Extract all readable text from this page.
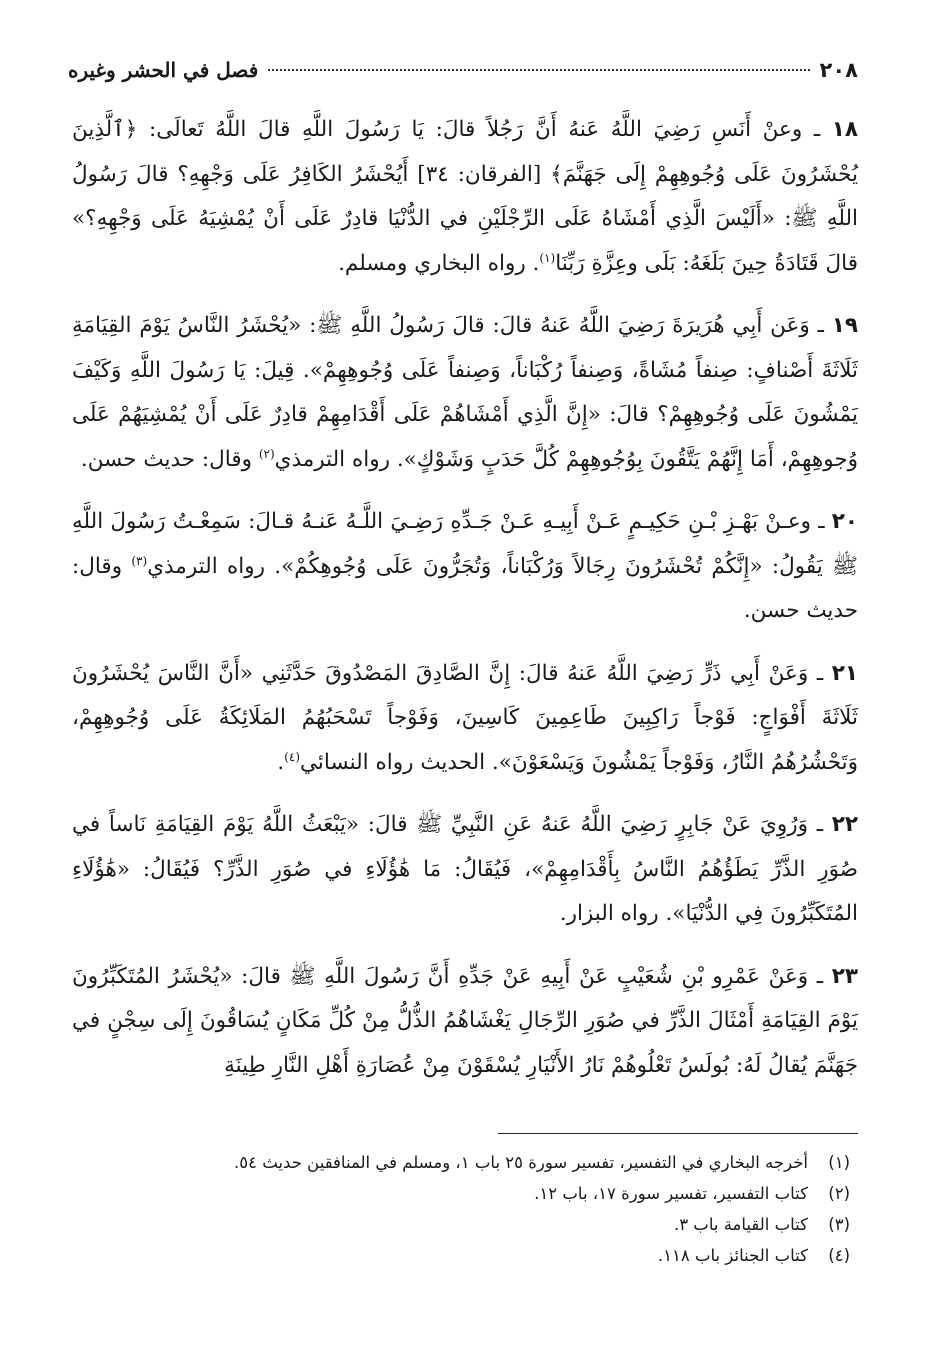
٢٠٨
فصل في الحشر وغيره

١٨ ـ وعنْ أَنَسِ رَضِيَ اللَّهُ عَنهُ أَنَّ رَجُلاً قالَ: يَا رَسُولَ اللَّهِ قالَ اللَّهُ تَعالَى: ﴿ٱلَّذِينَ يُحْشَرُونَ عَلَى وُجُوهِهِمْ إِلَى جَهَنَّمَ﴾ [الفرقان: ٣٤] أَيُحْشَرُ الكَافِرُ عَلَى وَجْهِهِ؟ قالَ رَسُولُ اللَّهِ ﷺ: «أَلَيْسَ الَّذِي أَمْشَاهُ عَلَى الرِّجْلَيْنِ في الدُّنْيَا قادِرٌ عَلَى أَنْ يُمْشِيَهُ عَلَى وَجْهِهِ؟» قالَ قَتَادَةُ حِينَ بَلَغَهُ: بَلَى وعِزَّةِ رَبِّنَا$^{(١)}$. رواه البخاري ومسلم.

١٩ ـ وَعَن أَبِي هُرَيرَةَ رَضِيَ اللَّهُ عَنهُ قالَ: قالَ رَسُولُ اللَّهِ ﷺ: «يُحْشَرُ النَّاسُ يَوْمَ القِيَامَةِ ثَلَاثَةَ أَصْنافٍ: صِنفاً مُشَاةً، وَصِنفاً رُكْبَاناً، وَصِنفاً عَلَى وُجُوهِهِمْ». قِيلَ: يَا رَسُولَ اللَّهِ وَكَيْفَ يَمْشُونَ عَلَى وُجُوهِهِمْ؟ قالَ: «إِنَّ الَّذِي أَمْشَاهُمْ عَلَى أَقْدَامِهِمْ قادِرٌ عَلَى أَنْ يُمْشِيَهُمْ عَلَى وُجوهِهِمْ، أَمَا إِنَّهُمْ يَتَّقُونَ بِوُجُوهِهِمْ كُلَّ حَدَبٍ وَشَوْكٍ». رواه الترمذي$^{(٢)}$ وقال: حديث حسن.

٢٠ ـ وعـنْ بَهْـزِ بْـنِ حَكِيـمٍ عَـنْ أَبِيـهِ عَـنْ جَـدِّهِ رَضِـيَ اللَّـهُ عَنـهُ قـالَ: سَمِعْـتُ رَسُولَ اللَّهِ ﷺ يَقُولُ: «إِنَّكُمْ تُحْشَرُونَ رِجَالاً وَرُكْبَاناً، وَتُجَرُّونَ عَلَى وُجُوهِكُمْ». رواه الترمذي$^{(٣)}$ وقال: حديث حسن.

٢١ ـ وَعَنْ أَبِي ذَرٍّ رَضِيَ اللَّهُ عَنهُ قالَ: إِنَّ الصَّادِقَ المَصْدُوقَ حَدَّثَنِي «أَنَّ النَّاسَ يُحْشَرُونَ ثَلَاثَةَ أَفْوَاجٍ: فَوْجاً رَاكِبِينَ طَاعِمِينَ كَاسِينَ، وَفَوْجاً تَسْحَبُهُمُ المَلَائِكَةُ عَلَى وُجُوهِهِمْ، وَتَحْشُرُهُمُ النَّارُ، وَفَوْجاً يَمْشُونَ وَيَسْعَوْنَ». الحديث رواه النسائي$^{(٤)}$.

٢٢ ـ وَرُوِيَ عَنْ جَابِرٍ رَضِيَ اللَّهُ عَنهُ عَنِ النَّبِيِّ ﷺ قالَ: «يَبْعَثُ اللَّهُ يَوْمَ القِيَامَةِ نَاساً في صُوَرِ الذَّرِّ يَطَؤُهُمُ النَّاسُ بِأَقْدَامِهِمْ»، فَيُقَالُ: مَا هَٰؤُلَاءِ في صُوَرِ الذَّرِّ؟ فَيُقَالُ: «هَٰؤُلَاءِ المُتَكَبِّرُونَ فِي الدُّنْيَا». رواه البزار.

٢٣ ـ وَعَنْ عَمْرِو بْنِ شُعَيْبٍ عَنْ أَبِيهِ عَنْ جَدِّهِ أَنَّ رَسُولَ اللَّهِ ﷺ قالَ: «يُحْشَرُ المُتَكَبِّرُونَ يَوْمَ القِيَامَةِ أَمْثَالَ الذَّرِّ في صُوَرِ الرِّجَالِ يَغْشَاهُمُ الذُّلُّ مِنْ كُلِّ مَكَانٍ يُسَاقُونَ إِلَى سِجْنٍ في جَهَنَّمَ يُقالُ لَهُ: بُولَسُ تَعْلُوهُمْ نَارُ الأَنْيَارِ يُسْقَوْنَ مِنْ عُصَارَةِ أَهْلِ النَّارِ طِينَةِ

(١)
أخرجه البخاري في التفسير، تفسير سورة ٢٥ باب ١، ومسلم في المنافقين حديث ٥٤.
(٢)
كتاب التفسير، تفسير سورة ١٧، باب ١٢.
(٣)
كتاب القيامة باب ٣.
(٤)
كتاب الجنائز باب ١١٨.
